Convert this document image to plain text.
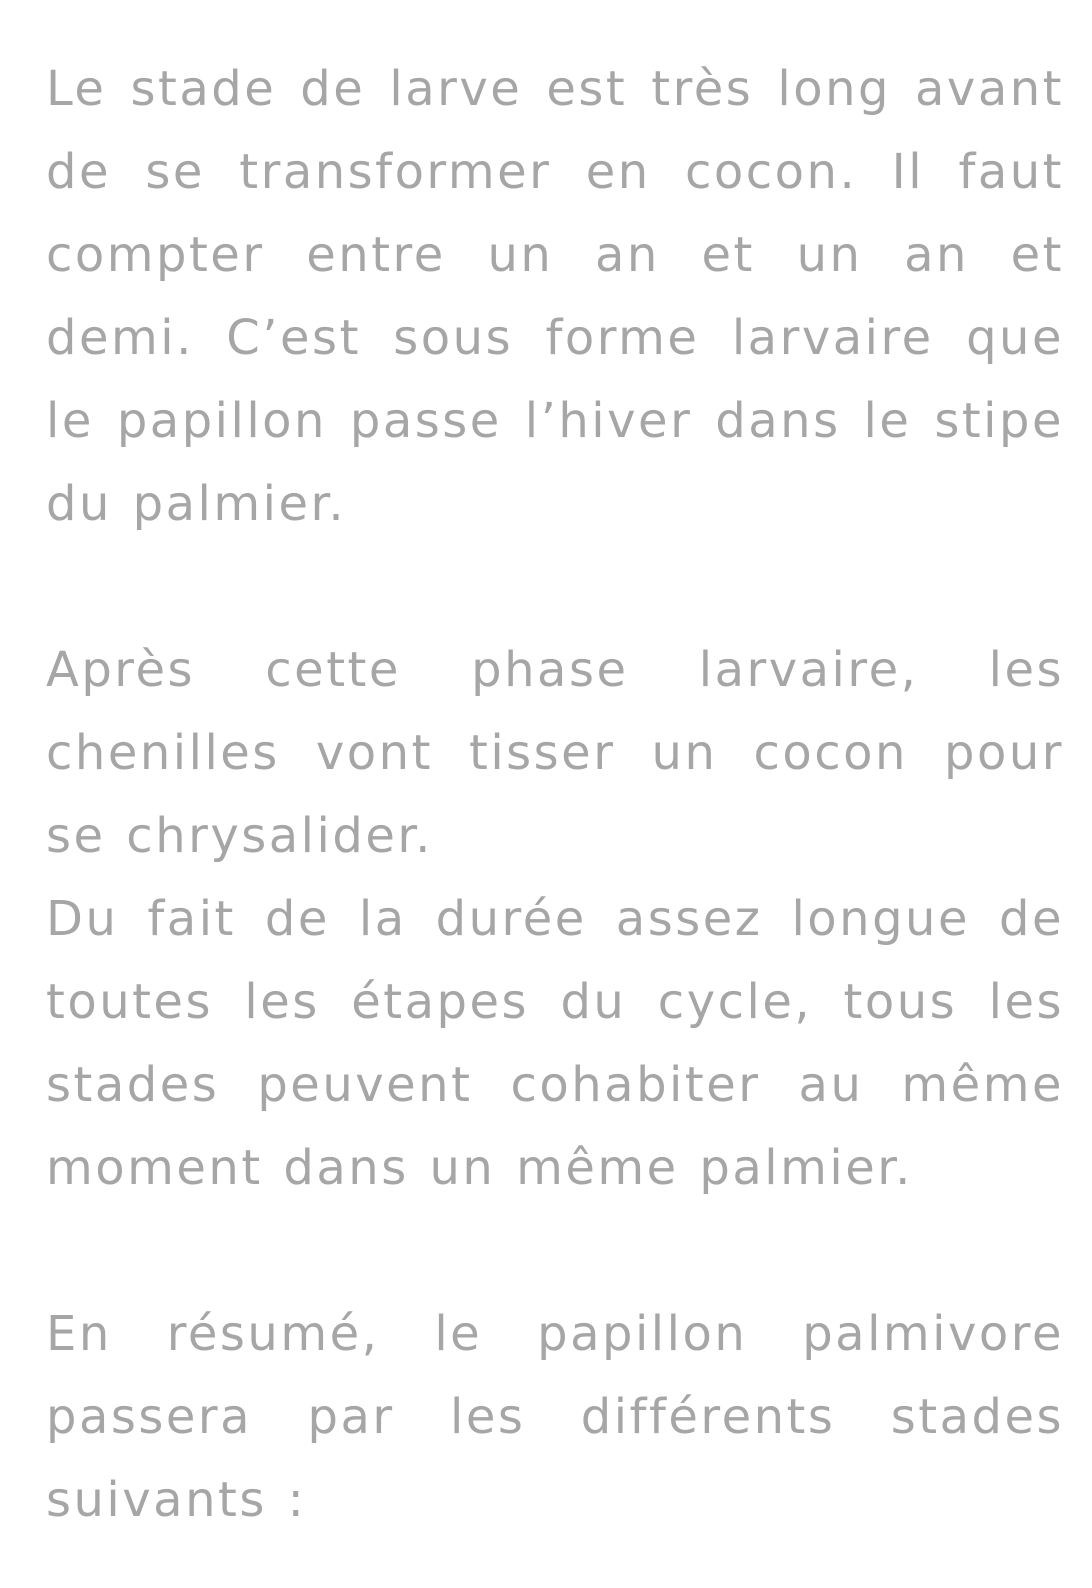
Le stade de larve est très long avant de se transformer en cocon. Il faut compter entre un an et un an et demi. C’est sous forme larvaire que le papillon passe l’hiver dans le stipe du palmier.

Après cette phase larvaire, les chenilles vont tisser un cocon pour se chrysalider.
Du fait de la durée assez longue de toutes les étapes du cycle, tous les stades peuvent cohabiter au même moment dans un même palmier.

En résumé, le papillon palmivore passera par les différents stades suivants :
